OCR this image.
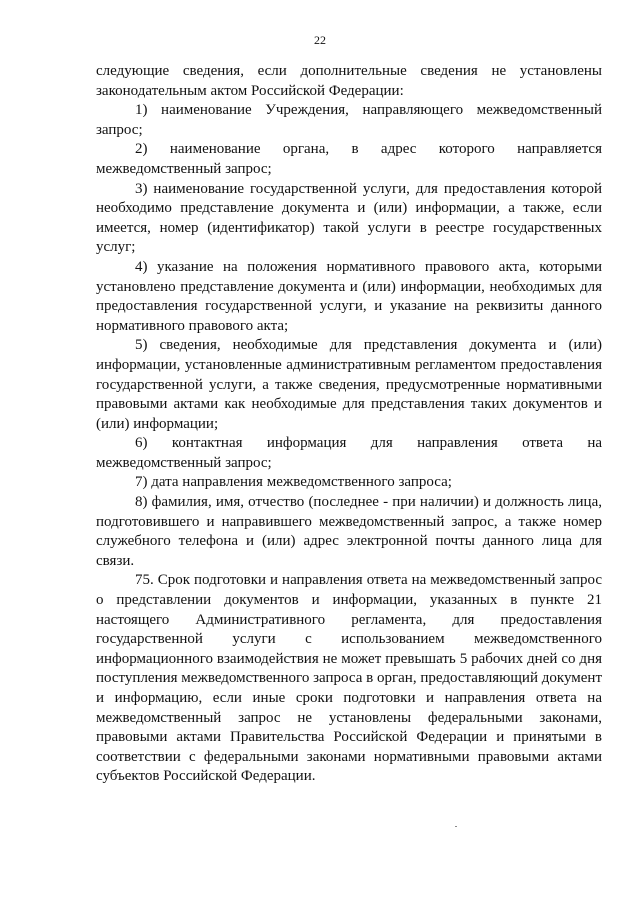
22

следующие сведения, если дополнительные сведения не установлены законодательным актом Российской Федерации:

1) наименование Учреждения, направляющего межведомственный запрос;

2) наименование органа, в адрес которого направляется межведомственный запрос;

3) наименование государственной услуги, для предоставления которой необходимо представление документа и (или) информации, а также, если имеется, номер (идентификатор) такой услуги в реестре государственных услуг;

4) указание на положения нормативного правового акта, которыми установлено представление документа и (или) информации, необходимых для предоставления государственной услуги, и указание на реквизиты данного нормативного правового акта;

5) сведения, необходимые для представления документа и (или) информации, установленные административным регламентом предоставления государственной услуги, а также сведения, предусмотренные нормативными правовыми актами как необходимые для представления таких документов и (или) информации;

6) контактная информация для направления ответа на межведомственный запрос;

7) дата направления межведомственного запроса;

8) фамилия, имя, отчество (последнее - при наличии) и должность лица, подготовившего и направившего межведомственный запрос, а также номер служебного телефона и (или) адрес электронной почты данного лица для связи.

75. Срок подготовки и направления ответа на межведомственный запрос о представлении документов и информации, указанных в пункте 21 настоящего Административного регламента, для предоставления государственной услуги с использованием межведомственного информационного взаимодействия не может превышать 5 рабочих дней со дня поступления межведомственного запроса в орган, предоставляющий документ и информацию, если иные сроки подготовки и направления ответа на межведомственный запрос не установлены федеральными законами, правовыми актами Правительства Российской Федерации и принятыми в соответствии с федеральными законами нормативными правовыми актами субъектов Российской Федерации.
